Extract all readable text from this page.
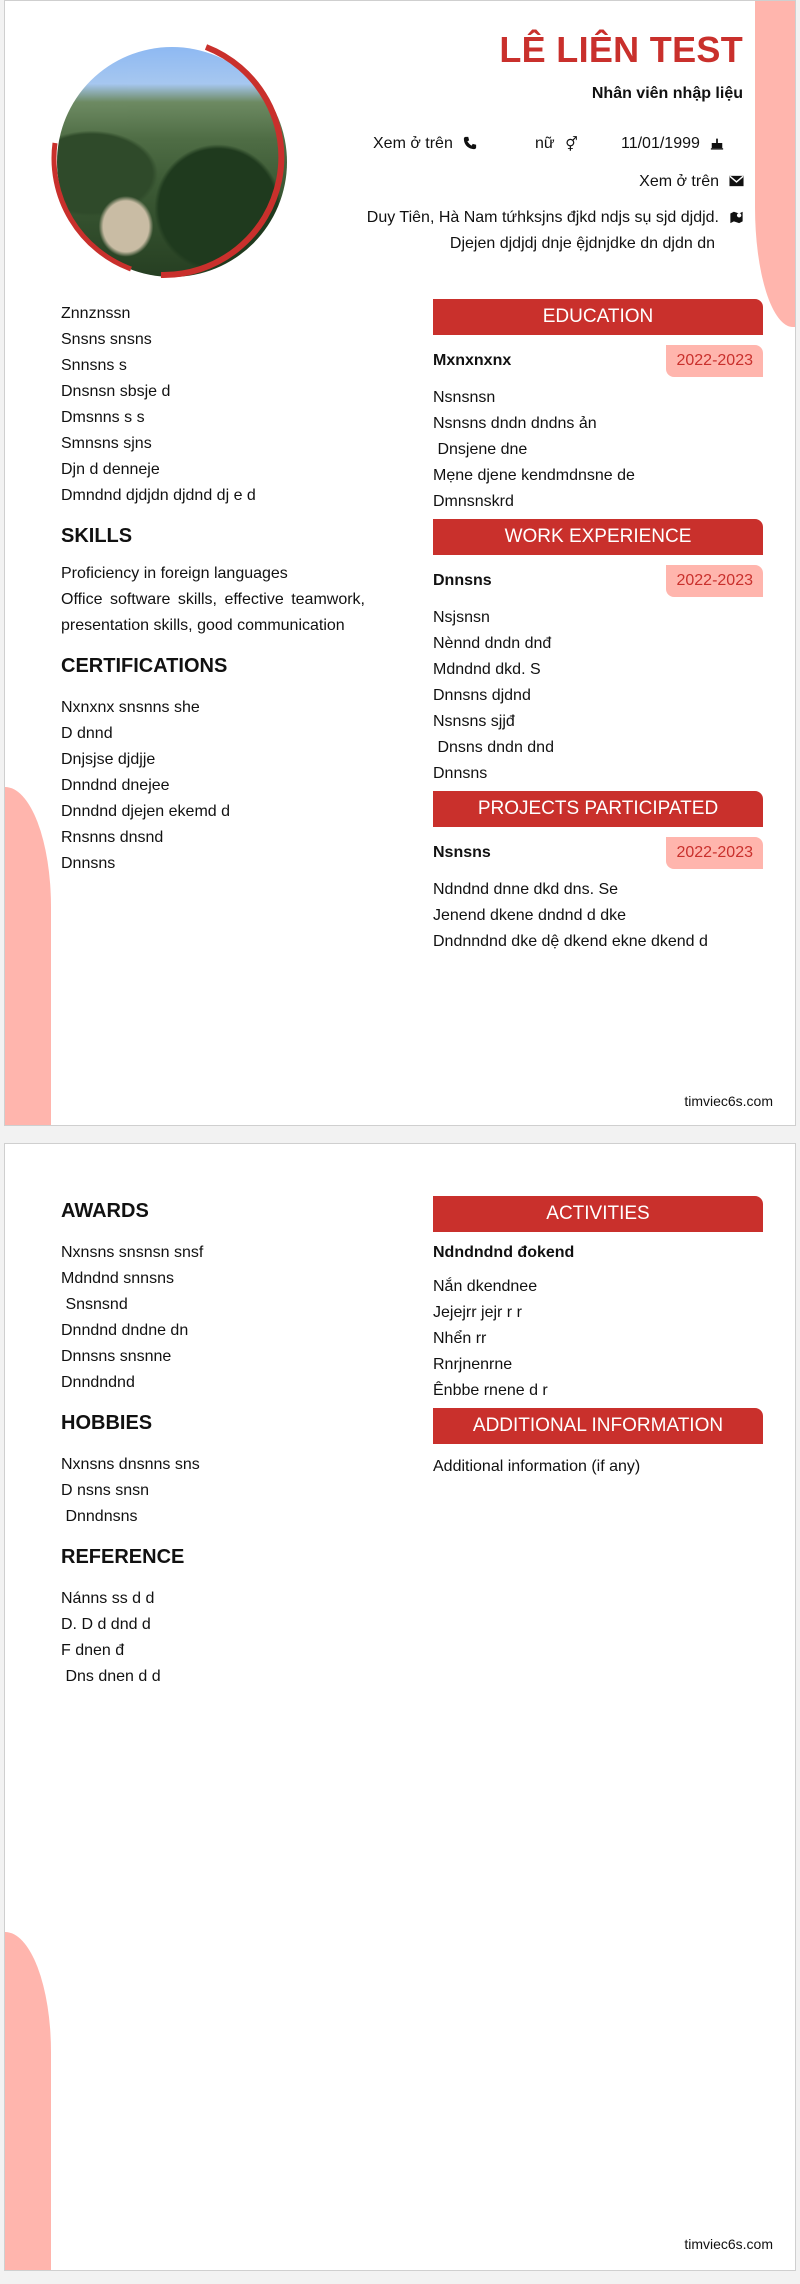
LÊ LIÊN TEST
Nhân viên nhập liệu
Xem ở trên	nữ ⚥	11/01/1999
Xem ở trên
Duy Tiên, Hà Nam tứhksjns đjkd ndjs sụ sjd djdjd.
Djejen djdjdj dnje ệjdnjdke dn djdn dn
Znnznssn
Snsns snsns
Snnsns s
Dnsnsn sbsje d
Dmsnns s s
Smnsns sjns
Djn d denneje
Dmndnd djdjdn djdnd dj e d
SKILLS
Proficiency in foreign languages
Office software skills, effective teamwork, presentation skills, good communication
CERTIFICATIONS
Nxnxnx snsnns she
D dnnd
Dnjsjse djdjje
Dnndnd dnejee
Dnndnd djejen ekemd d
Rnsnns dnsnd
Dnnsns
EDUCATION
Mxnxnxnx	2022-2023
Nsnsnsn
Nsnsns dndn dndns ản
Dnsjene dne
Mẹne djene kendmdnsne de
Dmnsnskrd
WORK EXPERIENCE
Dnnsns	2022-2023
Nsjsnsn
Nènnd dndn dnđ
Mdndnd dkd. S
Dnnsns djdnd
Nsnsns sjjđ
Dnsns dndn dnd
Dnnsns
PROJECTS PARTICIPATED
Nsnsns	2022-2023
Ndndnd dnne dkd dns. Se
Jenend dkene dndnd d dke
Dndnndnd dke dệ dkend ekne dkend d
timviec6s.com
AWARDS
Nxnsns snsnsn snsf
Mdndnd snnsns
Snsnsnd
Dnndnd dndne dn
Dnnsns snsnne
Dnndndnd
HOBBIES
Nxnsns dnsnns sns
D nsns snsn
Dnndnsns
REFERENCE
Nánns ss d d
D. D d dnd d
F dnen đ
Dns dnen d d
ACTIVITIES
Ndndndnd đokend
Nắn dkendnee
Jejejrr jejr r r
Nhển rr
Rnrjnenrne
Ênbbe rnene d r
ADDITIONAL INFORMATION
Additional information (if any)
timviec6s.com
